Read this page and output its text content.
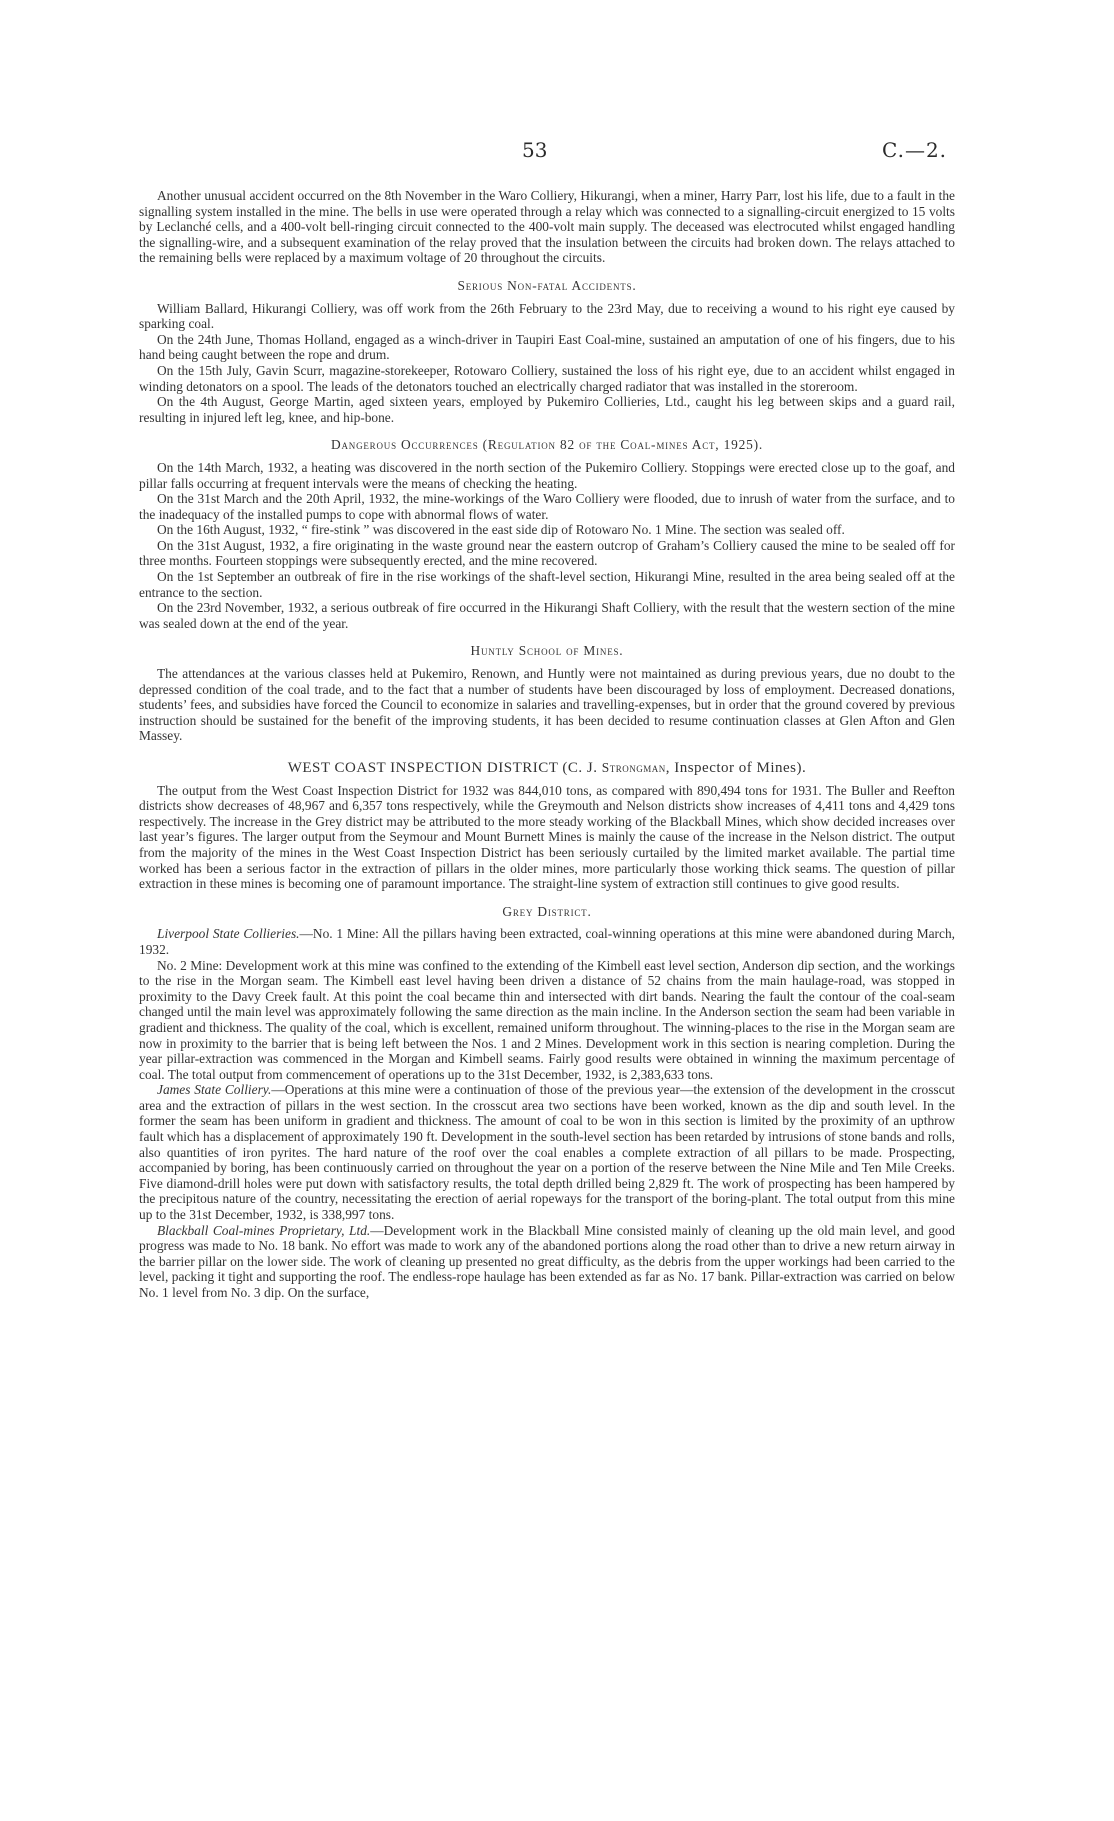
53	C.—2.

Another unusual accident occurred on the 8th November in the Waro Colliery, Hikurangi, when a miner, Harry Parr, lost his life, due to a fault in the signalling system installed in the mine. The bells in use were operated through a relay which was connected to a signalling-circuit energized to 15 volts by Leclanché cells, and a 400-volt bell-ringing circuit connected to the 400-volt main supply. The deceased was electrocuted whilst engaged handling the signalling-wire, and a subsequent examination of the relay proved that the insulation between the circuits had broken down. The relays attached to the remaining bells were replaced by a maximum voltage of 20 throughout the circuits.

Serious Non-fatal Accidents.

William Ballard, Hikurangi Colliery, was off work from the 26th February to the 23rd May, due to receiving a wound to his right eye caused by sparking coal.

On the 24th June, Thomas Holland, engaged as a winch-driver in Taupiri East Coal-mine, sustained an amputation of one of his fingers, due to his hand being caught between the rope and drum.

On the 15th July, Gavin Scurr, magazine-storekeeper, Rotowaro Colliery, sustained the loss of his right eye, due to an accident whilst engaged in winding detonators on a spool. The leads of the detonators touched an electrically charged radiator that was installed in the storeroom.

On the 4th August, George Martin, aged sixteen years, employed by Pukemiro Collieries, Ltd., caught his leg between skips and a guard rail, resulting in injured left leg, knee, and hip-bone.

Dangerous Occurrences (Regulation 82 of the Coal-mines Act, 1925).

On the 14th March, 1932, a heating was discovered in the north section of the Pukemiro Colliery. Stoppings were erected close up to the goaf, and pillar falls occurring at frequent intervals were the means of checking the heating.

On the 31st March and the 20th April, 1932, the mine-workings of the Waro Colliery were flooded, due to inrush of water from the surface, and to the inadequacy of the installed pumps to cope with abnormal flows of water.

On the 16th August, 1932, “ fire-stink ” was discovered in the east side dip of Rotowaro No. 1 Mine. The section was sealed off.

On the 31st August, 1932, a fire originating in the waste ground near the eastern outcrop of Graham’s Colliery caused the mine to be sealed off for three months. Fourteen stoppings were subsequently erected, and the mine recovered.

On the 1st September an outbreak of fire in the rise workings of the shaft-level section, Hikurangi Mine, resulted in the area being sealed off at the entrance to the section.

On the 23rd November, 1932, a serious outbreak of fire occurred in the Hikurangi Shaft Colliery, with the result that the western section of the mine was sealed down at the end of the year.

Huntly School of Mines.

The attendances at the various classes held at Pukemiro, Renown, and Huntly were not maintained as during previous years, due no doubt to the depressed condition of the coal trade, and to the fact that a number of students have been discouraged by loss of employment. Decreased donations, students’ fees, and subsidies have forced the Council to economize in salaries and travelling-expenses, but in order that the ground covered by previous instruction should be sustained for the benefit of the improving students, it has been decided to resume continuation classes at Glen Afton and Glen Massey.

WEST COAST INSPECTION DISTRICT (C. J. Strongman, Inspector of Mines).

The output from the West Coast Inspection District for 1932 was 844,010 tons, as compared with 890,494 tons for 1931. The Buller and Reefton districts show decreases of 48,967 and 6,357 tons respectively, while the Greymouth and Nelson districts show increases of 4,411 tons and 4,429 tons respectively. The increase in the Grey district may be attributed to the more steady working of the Blackball Mines, which show decided increases over last year’s figures. The larger output from the Seymour and Mount Burnett Mines is mainly the cause of the increase in the Nelson district. The output from the majority of the mines in the West Coast Inspection District has been seriously curtailed by the limited market available. The partial time worked has been a serious factor in the extraction of pillars in the older mines, more particularly those working thick seams. The question of pillar extraction in these mines is becoming one of paramount importance. The straight-line system of extraction still continues to give good results.

Grey District.

Liverpool State Collieries.—No. 1 Mine: All the pillars having been extracted, coal-winning operations at this mine were abandoned during March, 1932.

No. 2 Mine: Development work at this mine was confined to the extending of the Kimbell east level section, Anderson dip section, and the workings to the rise in the Morgan seam. The Kimbell east level having been driven a distance of 52 chains from the main haulage-road, was stopped in proximity to the Davy Creek fault. At this point the coal became thin and intersected with dirt bands. Nearing the fault the contour of the coal-seam changed until the main level was approximately following the same direction as the main incline. In the Anderson section the seam had been variable in gradient and thickness. The quality of the coal, which is excellent, remained uniform throughout. The winning-places to the rise in the Morgan seam are now in proximity to the barrier that is being left between the Nos. 1 and 2 Mines. Development work in this section is nearing completion. During the year pillar-extraction was commenced in the Morgan and Kimbell seams. Fairly good results were obtained in winning the maximum percentage of coal. The total output from commencement of operations up to the 31st December, 1932, is 2,383,633 tons.

James State Colliery.—Operations at this mine were a continuation of those of the previous year—the extension of the development in the crosscut area and the extraction of pillars in the west section. In the crosscut area two sections have been worked, known as the dip and south level. In the former the seam has been uniform in gradient and thickness. The amount of coal to be won in this section is limited by the proximity of an upthrow fault which has a displacement of approximately 190 ft. Development in the south-level section has been retarded by intrusions of stone bands and rolls, also quantities of iron pyrites. The hard nature of the roof over the coal enables a complete extraction of all pillars to be made. Prospecting, accompanied by boring, has been continuously carried on throughout the year on a portion of the reserve between the Nine Mile and Ten Mile Creeks. Five diamond-drill holes were put down with satisfactory results, the total depth drilled being 2,829 ft. The work of prospecting has been hampered by the precipitous nature of the country, necessitating the erection of aerial ropeways for the transport of the boring-plant. The total output from this mine up to the 31st December, 1932, is 338,997 tons.

Blackball Coal-mines Proprietary, Ltd.—Development work in the Blackball Mine consisted mainly of cleaning up the old main level, and good progress was made to No. 18 bank. No effort was made to work any of the abandoned portions along the road other than to drive a new return airway in the barrier pillar on the lower side. The work of cleaning up presented no great difficulty, as the debris from the upper workings had been carried to the level, packing it tight and supporting the roof. The endless-rope haulage has been extended as far as No. 17 bank. Pillar-extraction was carried on below No. 1 level from No. 3 dip. On the surface,
